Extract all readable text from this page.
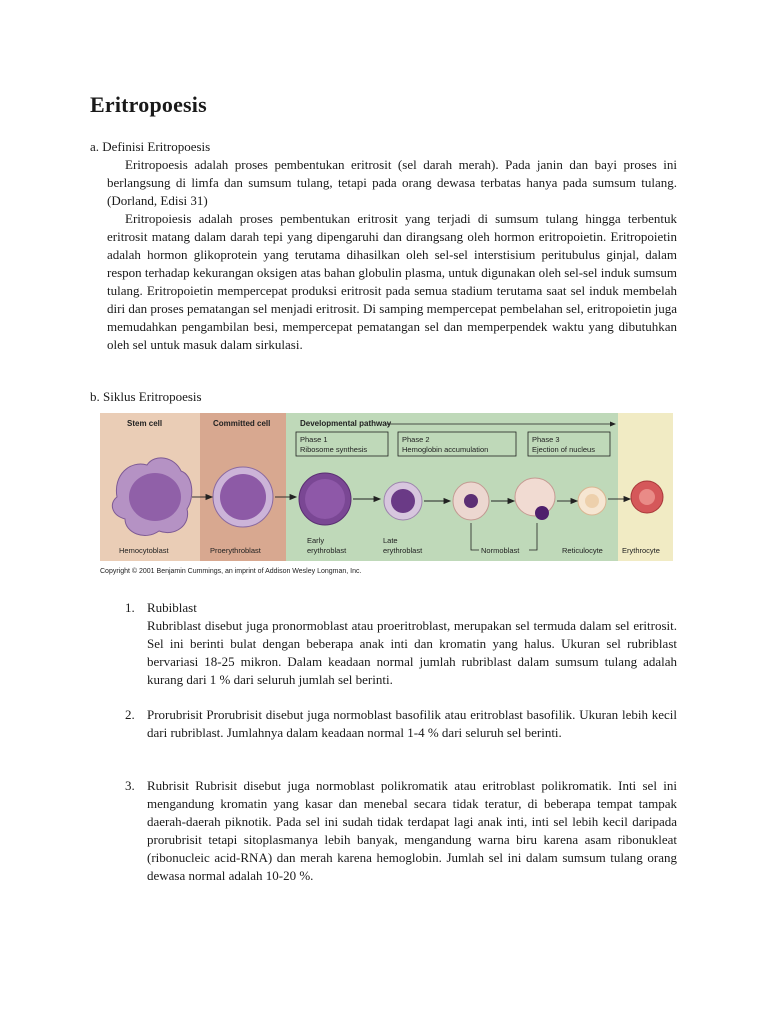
Eritropoesis
a. Definisi Eritropoesis

Eritropoesis adalah proses pembentukan eritrosit (sel darah merah). Pada janin dan bayi proses ini berlangsung di limfa dan sumsum tulang, tetapi pada orang dewasa terbatas hanya pada sumsum tulang. (Dorland, Edisi 31)

Eritropoiesis adalah proses pembentukan eritrosit yang terjadi di sumsum tulang hingga terbentuk eritrosit matang dalam darah tepi yang dipengaruhi dan dirangsang oleh hormon eritropoietin. Eritropoietin adalah hormon glikoprotein yang terutama dihasilkan oleh sel-sel interstisium peritubulus ginjal, dalam respon terhadap kekurangan oksigen atas bahan globulin plasma, untuk digunakan oleh sel-sel induk sumsum tulang. Eritropoietin mempercepat produksi eritrosit pada semua stadium terutama saat sel induk membelah diri dan proses pematangan sel menjadi eritrosit. Di samping mempercepat pembelahan sel, eritropoietin juga memudahkan pengambilan besi, mempercepat pematangan sel dan memperpendek waktu yang dibutuhkan oleh sel untuk masuk dalam sirkulasi.

b. Siklus Eritropoesis
Stem cell	Committed cell	Developmental pathway
Phase 1
Ribosome synthesis
Phase 2
Hemoglobin accumulation
Phase 3
Ejection of nucleus
Hemocytoblast	Proerythroblast
Early
erythroblast
Late
erythroblast	Normoblast	Reticulocyte	Erythrocyte
Copyright © 2001 Benjamin Cummings, an imprint of Addison Wesley Longman, Inc.
1. Rubiblast
Rubriblast disebut juga pronormoblast atau proeritroblast, merupakan sel termuda dalam sel eritrosit. Sel ini berinti bulat dengan beberapa anak inti dan kromatin yang halus. Ukuran sel rubriblast bervariasi 18-25 mikron. Dalam keadaan normal jumlah rubriblast dalam sumsum tulang adalah kurang dari 1 % dari seluruh jumlah sel berinti.
2. Prorubrisit Prorubrisit disebut juga normoblast basofilik atau eritroblast basofilik. Ukuran lebih kecil dari rubriblast. Jumlahnya dalam keadaan normal 1-4 % dari seluruh sel berinti.
3. Rubrisit Rubrisit disebut juga normoblast polikromatik atau eritroblast polikromatik. Inti sel ini mengandung kromatin yang kasar dan menebal secara tidak teratur, di beberapa tempat tampak daerah-daerah piknotik. Pada sel ini sudah tidak terdapat lagi anak inti, inti sel lebih kecil daripada prorubrisit tetapi sitoplasmanya lebih banyak, mengandung warna biru karena asam ribonukleat (ribonucleic acid-RNA) dan merah karena hemoglobin. Jumlah sel ini dalam sumsum tulang orang dewasa normal adalah 10-20 %.
